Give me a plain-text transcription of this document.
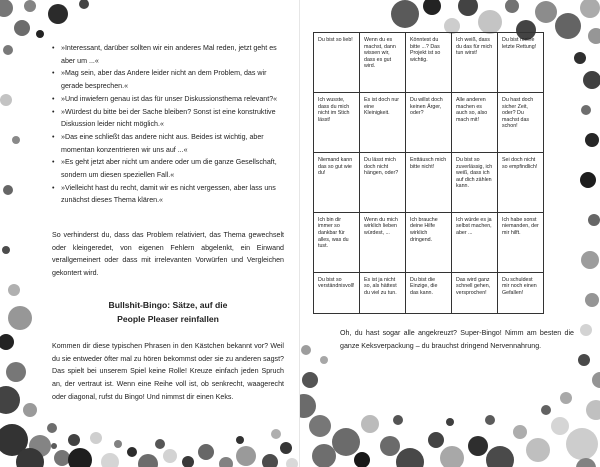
• »Interessant, darüber sollten wir ein anderes Mal reden, jetzt geht es aber um ...«
• »Mag sein, aber das Andere leider nicht an dem Problem, das wir gerade besprechen.«
• »Und inwiefern genau ist das für unser Diskussionsthema relevant?«
• »Würdest du bitte bei der Sache bleiben? Sonst ist eine konstruktive Diskussion leider nicht möglich.«
• »Das eine schließt das andere nicht aus. Beides ist wichtig, aber momentan konzentrieren wir uns auf ...«
• »Es geht jetzt aber nicht um andere oder um die ganze Gesellschaft, sondern um diesen speziellen Fall.«
• »Vielleicht hast du recht, damit wir es nicht vergessen, aber lass uns zunächst dieses Thema klären.«

So verhinderst du, dass das Problem relativiert, das Thema gewechselt oder kleingeredet, von eigenen Fehlern abgelenkt, ein Einwand verallgemeinert oder dass mit irrelevanten Vorwürfen und Vergleichen gekontert wird.

Bullshit-Bingo: Sätze, auf die
People Pleaser reinfallen

Kommen dir diese typischen Phrasen in den Kästchen bekannt vor? Weil du sie entweder öfter mal zu hören bekommst oder sie zu anderen sagst? Das spielt bei unserem Spiel keine Rolle! Kreuze einfach jeden Spruch an, der vertraut ist. Wenn eine Reihe voll ist, ob senkrecht, waagerecht oder diagonal, rufst du Bingo! Und nimmst dir einen Keks.

Du bist so lieb!	Wenn du es machst, dann wissen wir, dass es gut wird.	Könntest du bitte ...? Das Projekt ist so wichtig.	Ich weiß, dass du das für mich tun wirst!	Du bist meine letzte Rettung!
Ich wusste, dass du mich nicht im Stich lässt!	Es ist doch nur eine Kleinigkeit.	Du willst doch keinen Ärger, oder?	Alle anderen machen es auch so, also mach mit!	Du hast doch sicher Zeit, oder? Du machst das schon!
Niemand kann das so gut wie du!	Du lässt mich doch nicht hängen, oder?	Enttäusch mich bitte nicht!	Du bist so zuverlässig, ich weiß, dass ich auf dich zählen kann.	Sei doch nicht so empfindlich!
Ich bin dir immer so dankbar für alles, was du tust.	Wenn du mich wirklich lieben würdest, ...	Ich brauche deine Hilfe wirklich dringend.	Ich würde es ja selbst machen, aber ...	Ich habe sonst niemanden, der mir hilft.
Du bist so verständnisvoll!	Es ist ja nicht so, als hättest du viel zu tun.	Du bist die Einzige, die das kann.	Das wird ganz schnell gehen, versprochen!	Du schuldest mir noch einen Gefallen!

Oh, du hast sogar alle angekreuzt? Super-Bingo! Nimm am besten die ganze Keksverpackung – du brauchst dringend Nervennahrung.
